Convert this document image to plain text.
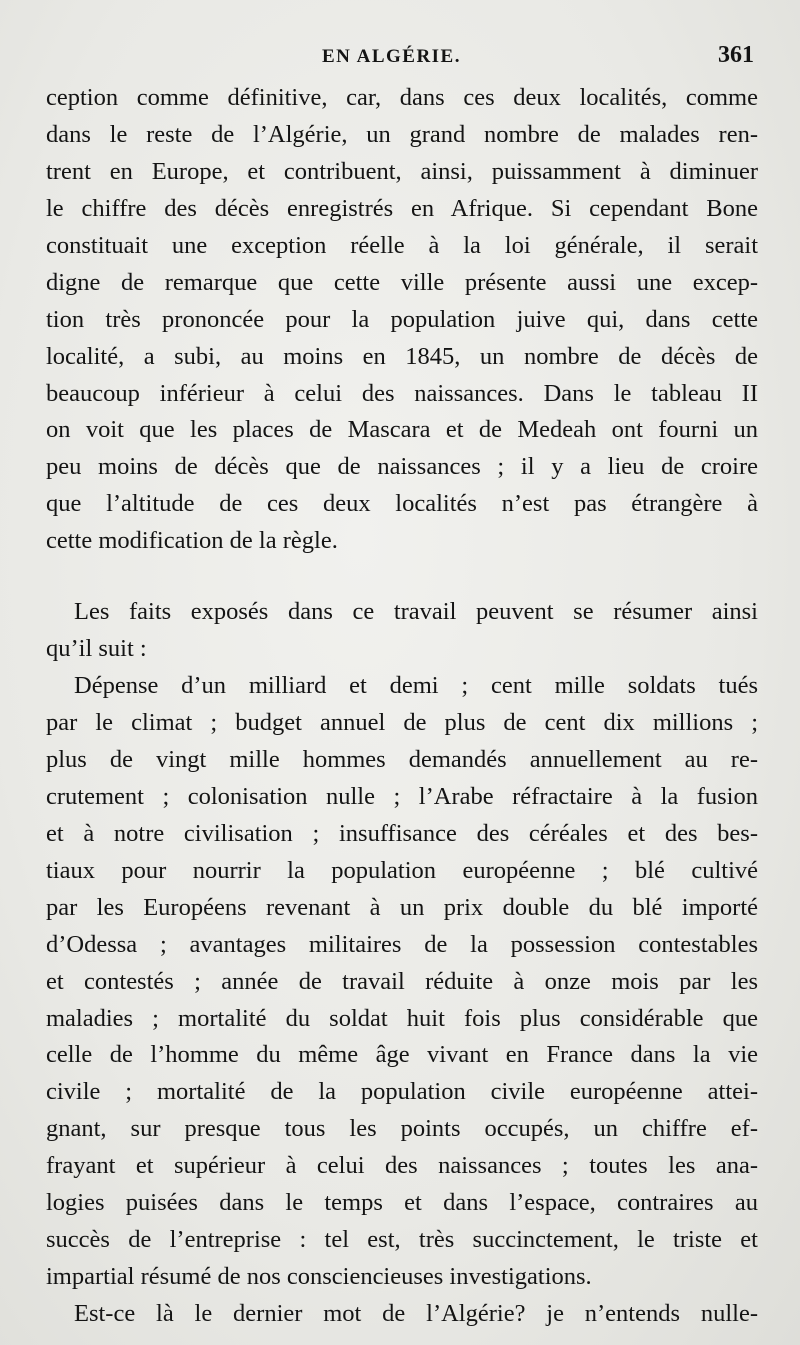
EN ALGÉRIE.	361
ception comme définitive, car, dans ces deux localités, comme
dans le reste de l’Algérie, un grand nombre de malades ren-
trent en Europe, et contribuent, ainsi, puissamment à diminuer
le chiffre des décès enregistrés en Afrique. Si cependant Bone
constituait une exception réelle à la loi générale, il serait
digne de remarque que cette ville présente aussi une excep-
tion très prononcée pour la population juive qui, dans cette
localité, a subi, au moins en 1845, un nombre de décès de
beaucoup inférieur à celui des naissances. Dans le tableau II
on voit que les places de Mascara et de Medeah ont fourni un
peu moins de décès que de naissances ; il y a lieu de croire
que l’altitude de ces deux localités n’est pas étrangère à
cette modification de la règle.
Les faits exposés dans ce travail peuvent se résumer ainsi
qu’il suit :
Dépense d’un milliard et demi ; cent mille soldats tués
par le climat ; budget annuel de plus de cent dix millions ;
plus de vingt mille hommes demandés annuellement au re-
crutement ; colonisation nulle ; l’Arabe réfractaire à la fusion
et à notre civilisation ; insuffisance des céréales et des bes-
tiaux pour nourrir la population européenne ; blé cultivé
par les Européens revenant à un prix double du blé importé
d’Odessa ; avantages militaires de la possession contestables
et contestés ; année de travail réduite à onze mois par les
maladies ; mortalité du soldat huit fois plus considérable que
celle de l’homme du même âge vivant en France dans la vie
civile ; mortalité de la population civile européenne attei-
gnant, sur presque tous les points occupés, un chiffre ef-
frayant et supérieur à celui des naissances ; toutes les ana-
logies puisées dans le temps et dans l’espace, contraires au
succès de l’entreprise : tel est, très succinctement, le triste et
impartial résumé de nos consciencieuses investigations.
Est-ce là le dernier mot de l’Algérie? je n’entends nulle-
